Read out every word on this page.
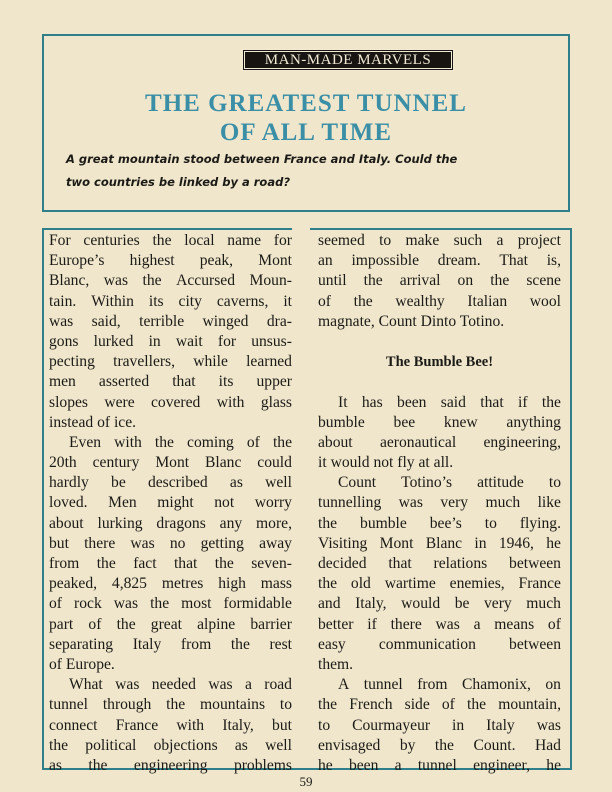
MAN-MADE MARVELS
THE GREATEST TUNNEL
OF ALL TIME
A great mountain stood between France and Italy. Could the
two countries be linked by a road?
For centuries the local name for
Europe’s highest peak, Mont
Blanc, was the Accursed Moun-
tain. Within its city caverns, it
was said, terrible winged dra-
gons lurked in wait for unsus-
pecting travellers, while learned
men asserted that its upper
slopes were covered with glass
instead of ice.
Even with the coming of the
20th century Mont Blanc could
hardly be described as well
loved. Men might not worry
about lurking dragons any more,
but there was no getting away
from the fact that the seven-
peaked, 4,825 metres high mass
of rock was the most formidable
part of the great alpine barrier
separating Italy from the rest
of Europe.
What was needed was a road
tunnel through the mountains to
connect France with Italy, but
the political objections as well
as the engineering problems
seemed to make such a project
an impossible dream. That is,
until the arrival on the scene
of the wealthy Italian wool
magnate, Count Dinto Totino.
The Bumble Bee!
It has been said that if the
bumble bee knew anything
about aeronautical engineering,
it would not fly at all.
Count Totino’s attitude to
tunnelling was very much like
the bumble bee’s to flying.
Visiting Mont Blanc in 1946, he
decided that relations between
the old wartime enemies, France
and Italy, would be very much
better if there was a means of
easy communication between
them.
A tunnel from Chamonix, on
the French side of the mountain,
to Courmayeur in Italy was
envisaged by the Count. Had
he been a tunnel engineer, he
59
